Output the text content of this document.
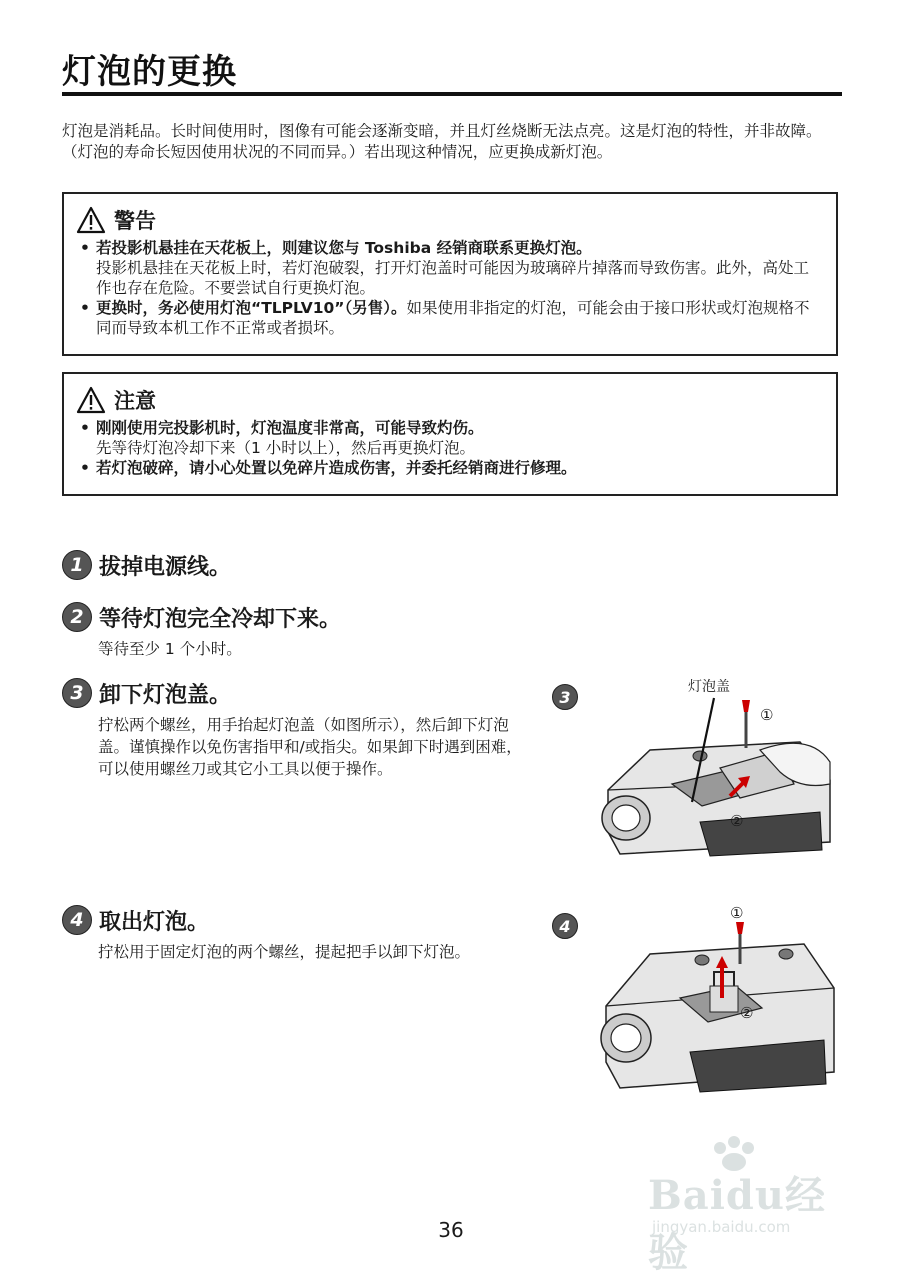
灯泡的更换

灯泡是消耗品。长时间使用时，图像有可能会逐渐变暗，并且灯丝烧断无法点亮。这是灯泡的特性，并非故障。（灯泡的寿命长短因使用状况的不同而异。）若出现这种情况，应更换成新灯泡。

警告
• 若投影机悬挂在天花板上，则建议您与 Toshiba 经销商联系更换灯泡。
投影机悬挂在天花板上时，若灯泡破裂，打开灯泡盖时可能因为玻璃碎片掉落而导致伤害。此外，高处工作也存在危险。不要尝试自行更换灯泡。
• 更换时，务必使用灯泡“TLPLV10”（另售）。如果使用非指定的灯泡，可能会由于接口形状或灯泡规格不同而导致本机工作不正常或者损坏。
注意
• 刚刚使用完投影机时，灯泡温度非常高，可能导致灼伤。
先等待灯泡冷却下来（1 小时以上），然后再更换灯泡。
• 若灯泡破碎，请小心处置以免碎片造成伤害，并委托经销商进行修理。
1 拔掉电源线。
2 等待灯泡完全冷却下来。
等待至少 1 个小时。
3 卸下灯泡盖。
拧松两个螺丝，用手抬起灯泡盖（如图所示），然后卸下灯泡盖。谨慎操作以免伤害指甲和/或指尖。如果卸下时遇到困难，可以使用螺丝刀或其它小工具以便于操作。
4 取出灯泡。
拧松用于固定灯泡的两个螺丝，提起把手以卸下灯泡。
3
灯泡盖
①
②
4
①
②
Baidu经验
jingyan.baidu.com
36
